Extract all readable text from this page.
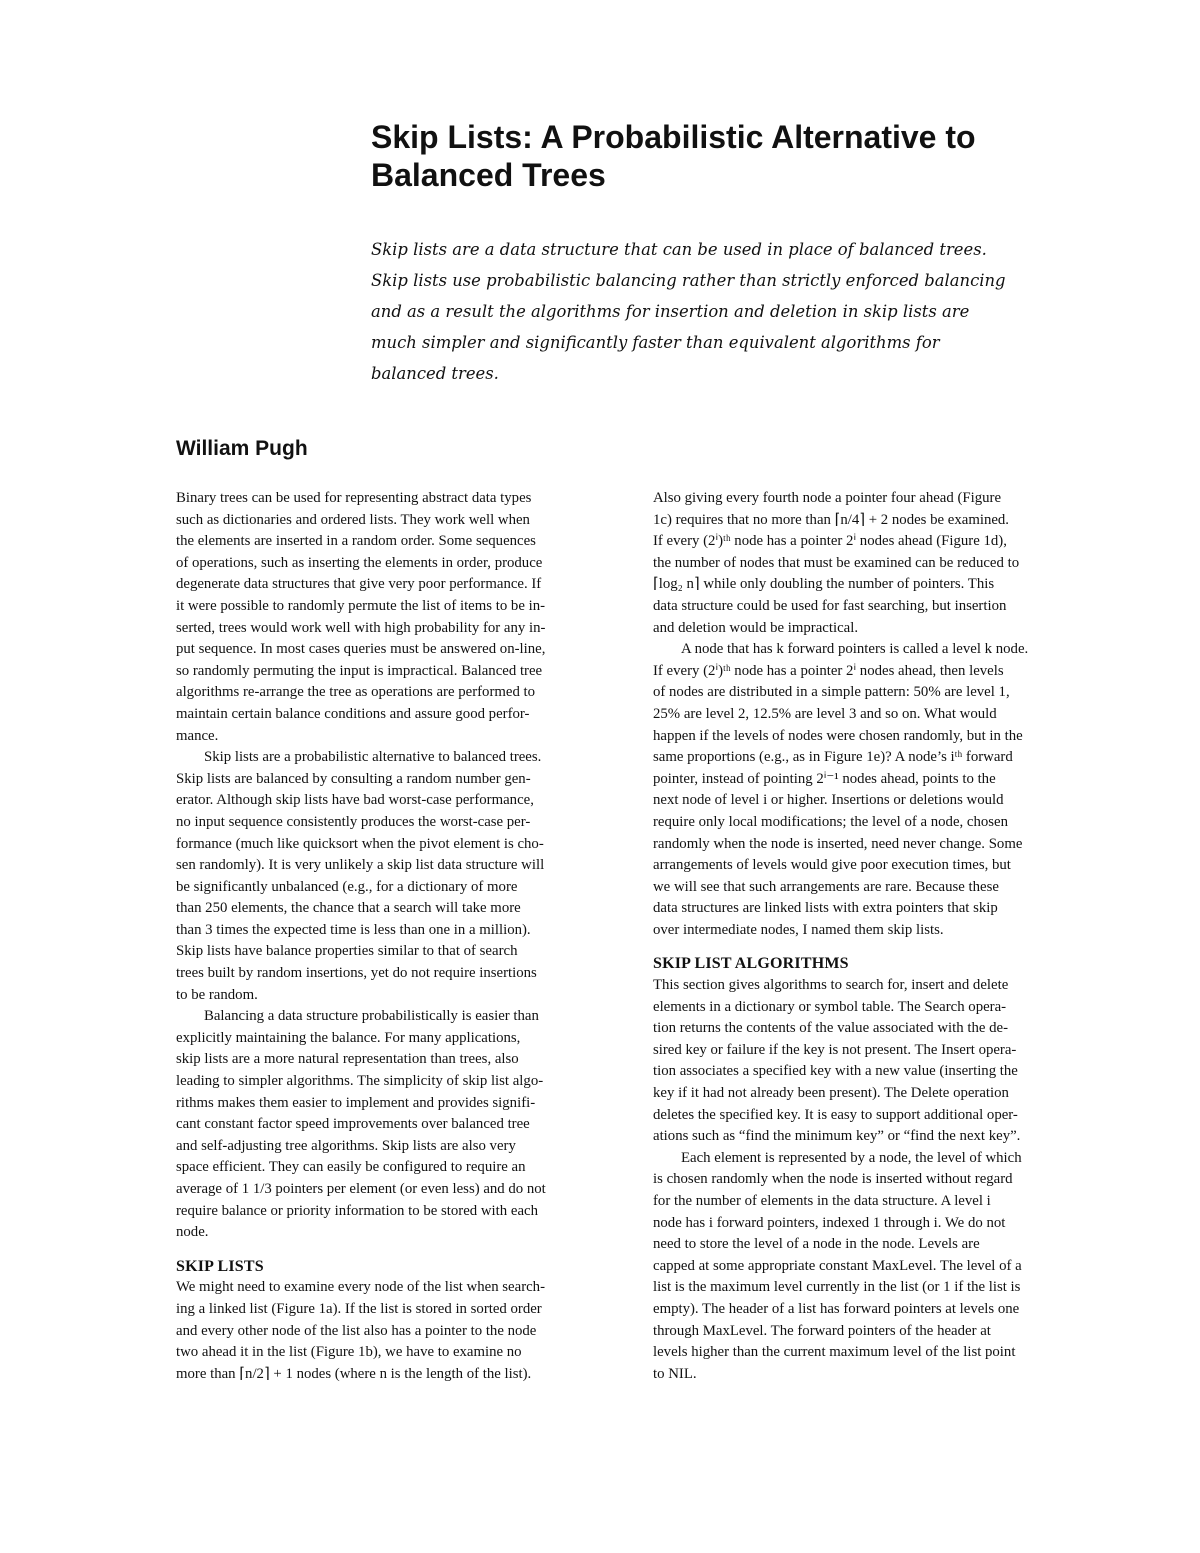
Skip Lists: A Probabilistic Alternative to
Balanced Trees
Skip lists are a data structure that can be used in place of balanced trees.
Skip lists use probabilistic balancing rather than strictly enforced balancing
and as a result the algorithms for insertion and deletion in skip lists are
much simpler and significantly faster than equivalent algorithms for
balanced trees.
William Pugh
Binary trees can be used for representing abstract data types
such as dictionaries and ordered lists. They work well when
the elements are inserted in a random order. Some sequences
of operations, such as inserting the elements in order, produce
degenerate data structures that give very poor performance. If
it were possible to randomly permute the list of items to be in-
serted, trees would work well with high probability for any in-
put sequence. In most cases queries must be answered on-line,
so randomly permuting the input is impractical. Balanced tree
algorithms re-arrange the tree as operations are performed to
maintain certain balance conditions and assure good perfor-
mance.
Skip lists are a probabilistic alternative to balanced trees.
Skip lists are balanced by consulting a random number gen-
erator. Although skip lists have bad worst-case performance,
no input sequence consistently produces the worst-case per-
formance (much like quicksort when the pivot element is cho-
sen randomly). It is very unlikely a skip list data structure will
be significantly unbalanced (e.g., for a dictionary of more
than 250 elements, the chance that a search will take more
than 3 times the expected time is less than one in a million).
Skip lists have balance properties similar to that of search
trees built by random insertions, yet do not require insertions
to be random.
Balancing a data structure probabilistically is easier than
explicitly maintaining the balance. For many applications,
skip lists are a more natural representation than trees, also
leading to simpler algorithms. The simplicity of skip list algo-
rithms makes them easier to implement and provides signifi-
cant constant factor speed improvements over balanced tree
and self-adjusting tree algorithms. Skip lists are also very
space efficient. They can easily be configured to require an
average of 1 1/3 pointers per element (or even less) and do not
require balance or priority information to be stored with each
node.
SKIP LISTS
We might need to examine every node of the list when search-
ing a linked list (Figure 1a). If the list is stored in sorted order
and every other node of the list also has a pointer to the node
two ahead it in the list (Figure 1b), we have to examine no
more than ⌈n/2⌉ + 1 nodes (where n is the length of the list).
Also giving every fourth node a pointer four ahead (Figure
1c) requires that no more than ⌈n/4⌉ + 2 nodes be examined.
If every (2ⁱ)ᵗʰ node has a pointer 2ⁱ nodes ahead (Figure 1d),
the number of nodes that must be examined can be reduced to
⌈log₂ n⌉ while only doubling the number of pointers. This
data structure could be used for fast searching, but insertion
and deletion would be impractical.
A node that has k forward pointers is called a level k node.
If every (2ⁱ)ᵗʰ node has a pointer 2ⁱ nodes ahead, then levels
of nodes are distributed in a simple pattern: 50% are level 1,
25% are level 2, 12.5% are level 3 and so on. What would
happen if the levels of nodes were chosen randomly, but in the
same proportions (e.g., as in Figure 1e)? A node’s iᵗʰ forward
pointer, instead of pointing 2ⁱ⁻¹ nodes ahead, points to the
next node of level i or higher. Insertions or deletions would
require only local modifications; the level of a node, chosen
randomly when the node is inserted, need never change. Some
arrangements of levels would give poor execution times, but
we will see that such arrangements are rare. Because these
data structures are linked lists with extra pointers that skip
over intermediate nodes, I named them skip lists.
SKIP LIST ALGORITHMS
This section gives algorithms to search for, insert and delete
elements in a dictionary or symbol table. The Search opera-
tion returns the contents of the value associated with the de-
sired key or failure if the key is not present. The Insert opera-
tion associates a specified key with a new value (inserting the
key if it had not already been present). The Delete operation
deletes the specified key. It is easy to support additional oper-
ations such as “find the minimum key” or “find the next key”.
Each element is represented by a node, the level of which
is chosen randomly when the node is inserted without regard
for the number of elements in the data structure. A level i
node has i forward pointers, indexed 1 through i. We do not
need to store the level of a node in the node. Levels are
capped at some appropriate constant MaxLevel. The level of a
list is the maximum level currently in the list (or 1 if the list is
empty). The header of a list has forward pointers at levels one
through MaxLevel. The forward pointers of the header at
levels higher than the current maximum level of the list point
to NIL.
